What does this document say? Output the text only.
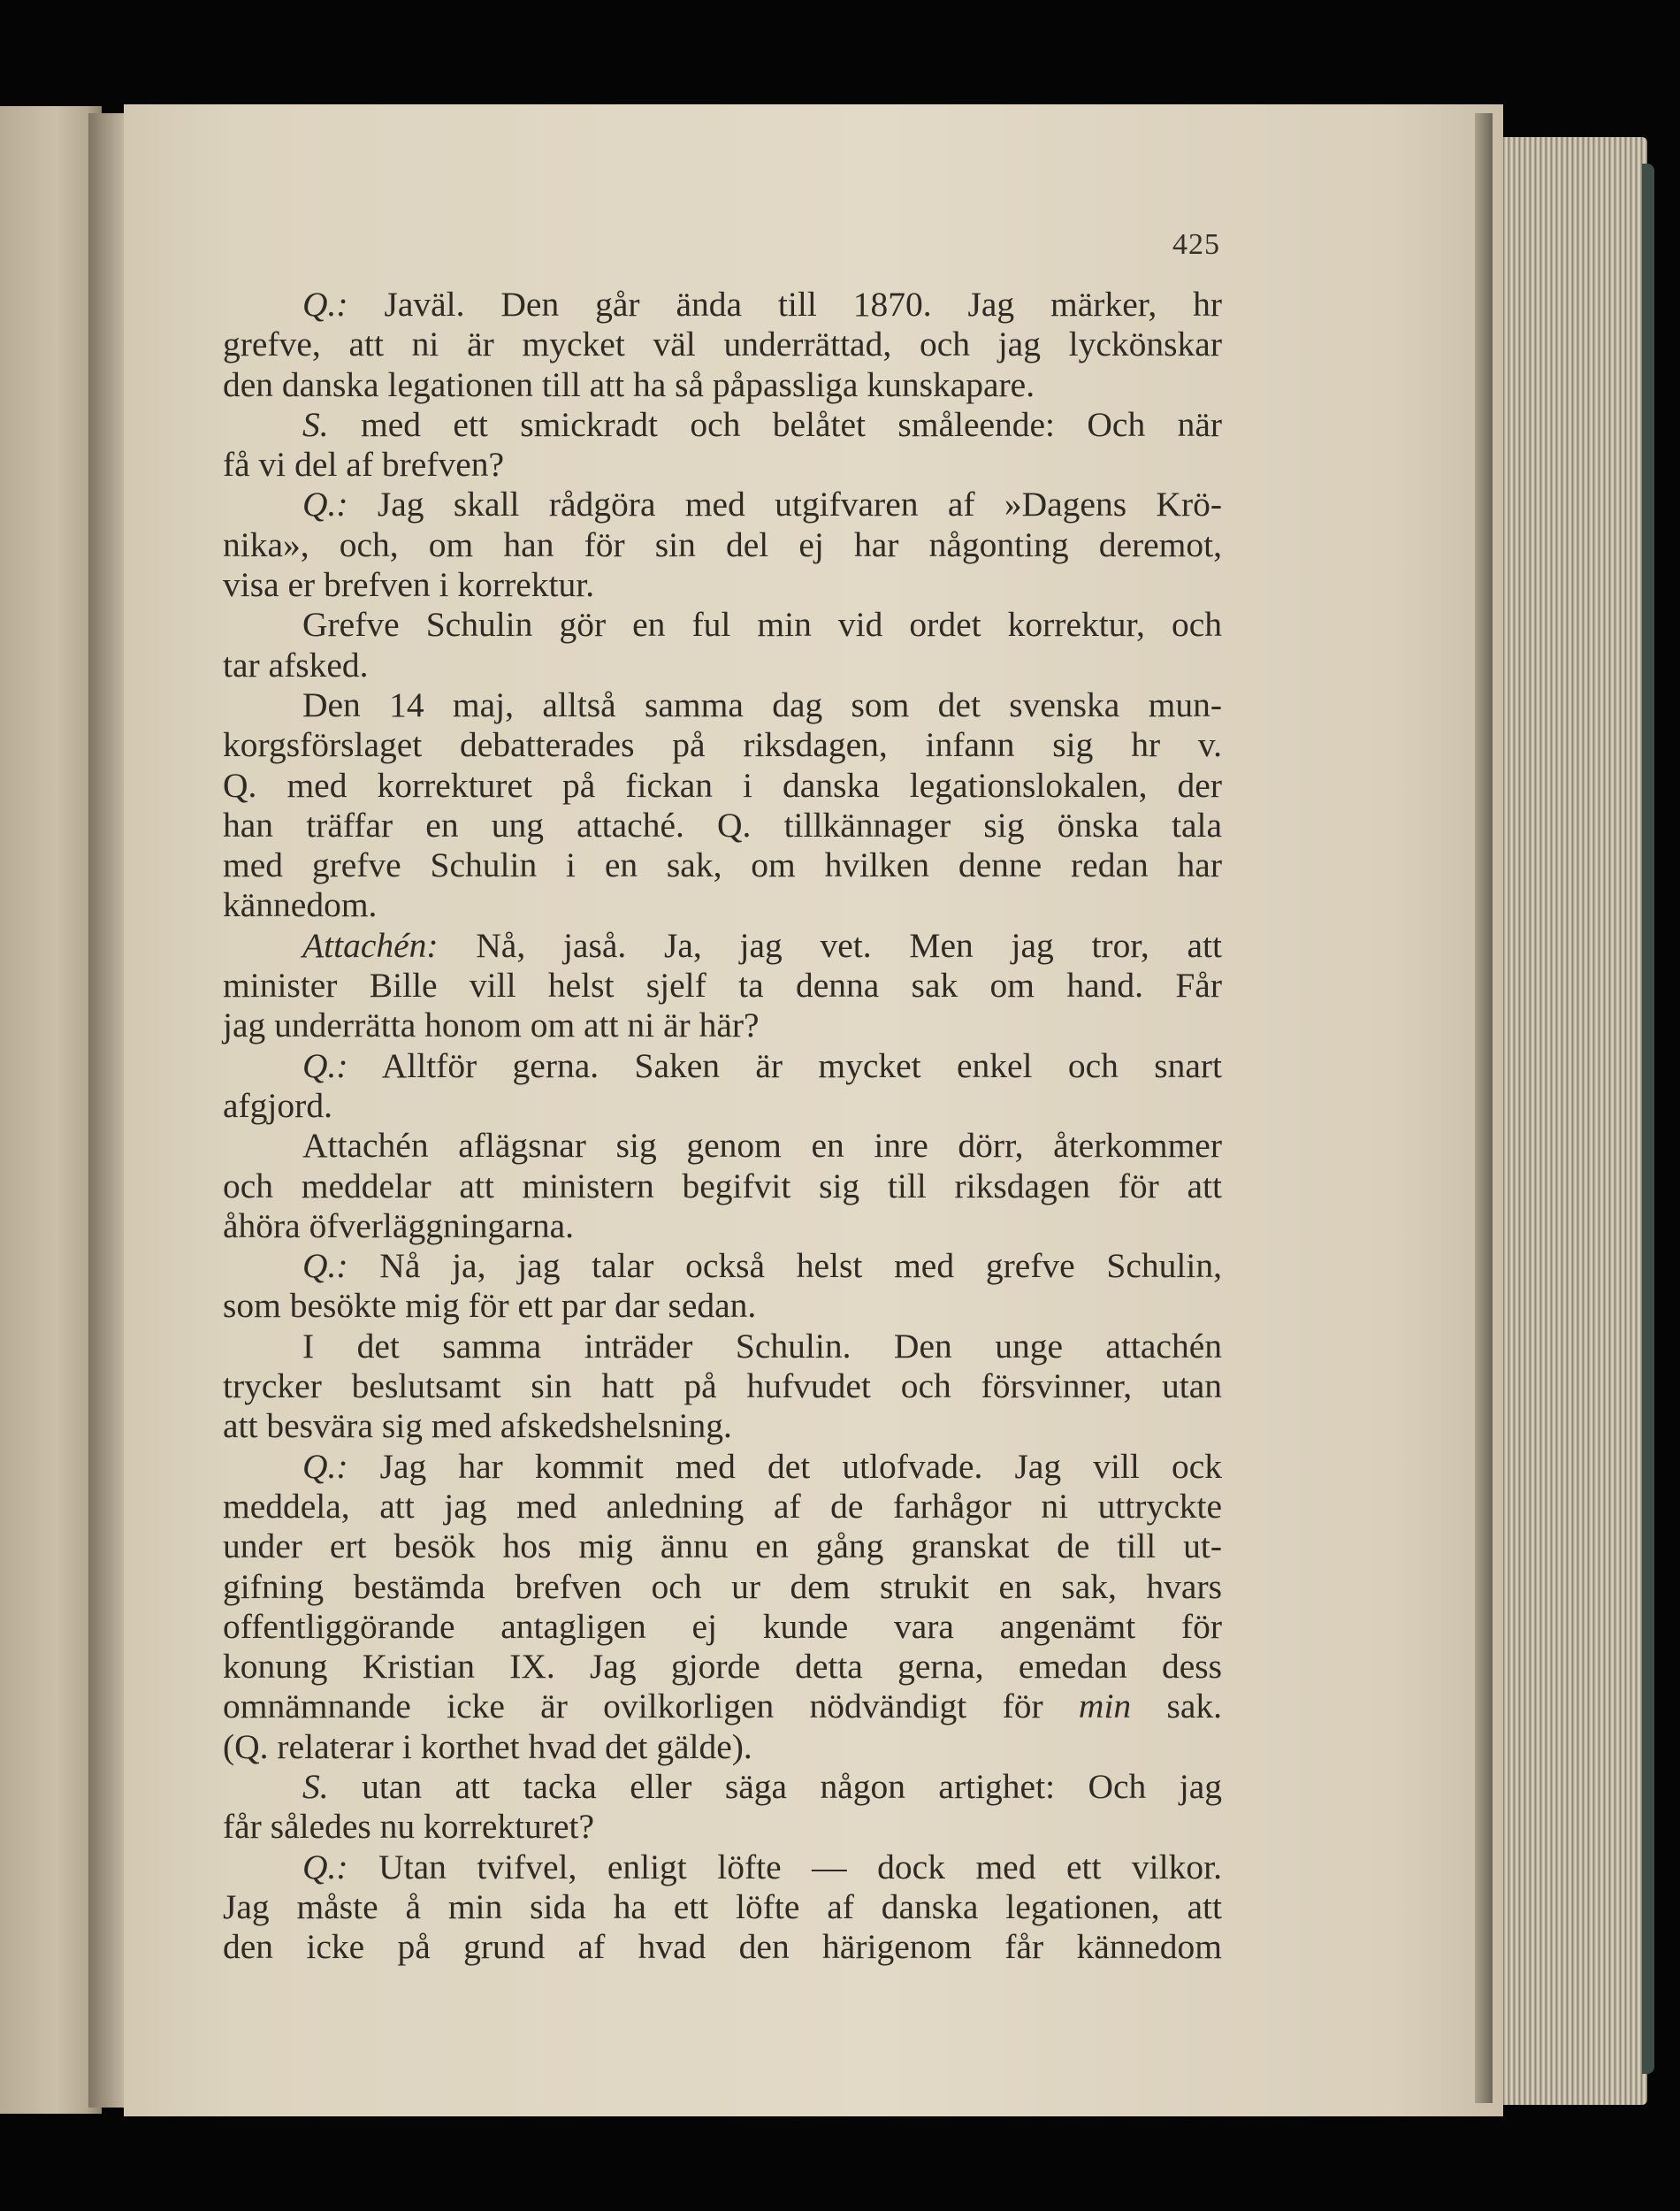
425
Q.: Javäl. Den går ända till 1870. Jag märker, hr
grefve, att ni är mycket väl underrättad, och jag lyckönskar
den danska legationen till att ha så påpassliga kunskapare.
S. med ett smickradt och belåtet småleende: Och när
få vi del af brefven?
Q.: Jag skall rådgöra med utgifvaren af »Dagens Krö-
nika», och, om han för sin del ej har någonting deremot,
visa er brefven i korrektur.
Grefve Schulin gör en ful min vid ordet korrektur, och
tar afsked.
Den 14 maj, alltså samma dag som det svenska mun-
korgsförslaget debatterades på riksdagen, infann sig hr v.
Q. med korrekturet på fickan i danska legationslokalen, der
han träffar en ung attaché. Q. tillkännager sig önska tala
med grefve Schulin i en sak, om hvilken denne redan har
kännedom.
Attachén: Nå, jaså. Ja, jag vet. Men jag tror, att
minister Bille vill helst sjelf ta denna sak om hand. Får
jag underrätta honom om att ni är här?
Q.: Alltför gerna. Saken är mycket enkel och snart
afgjord.
Attachén aflägsnar sig genom en inre dörr, återkommer
och meddelar att ministern begifvit sig till riksdagen för att
åhöra öfverläggningarna.
Q.: Nå ja, jag talar också helst med grefve Schulin,
som besökte mig för ett par dar sedan.
I det samma inträder Schulin. Den unge attachén
trycker beslutsamt sin hatt på hufvudet och försvinner, utan
att besvära sig med afskedshelsning.
Q.: Jag har kommit med det utlofvade. Jag vill ock
meddela, att jag med anledning af de farhågor ni uttryckte
under ert besök hos mig ännu en gång granskat de till ut-
gifning bestämda brefven och ur dem strukit en sak, hvars
offentliggörande antagligen ej kunde vara angenämt för
konung Kristian IX. Jag gjorde detta gerna, emedan dess
omnämnande icke är ovilkorligen nödvändigt för min sak.
(Q. relaterar i korthet hvad det gälde).
S. utan att tacka eller säga någon artighet: Och jag
får således nu korrekturet?
Q.: Utan tvifvel, enligt löfte — dock med ett vilkor.
Jag måste å min sida ha ett löfte af danska legationen, att
den icke på grund af hvad den härigenom får kännedom
